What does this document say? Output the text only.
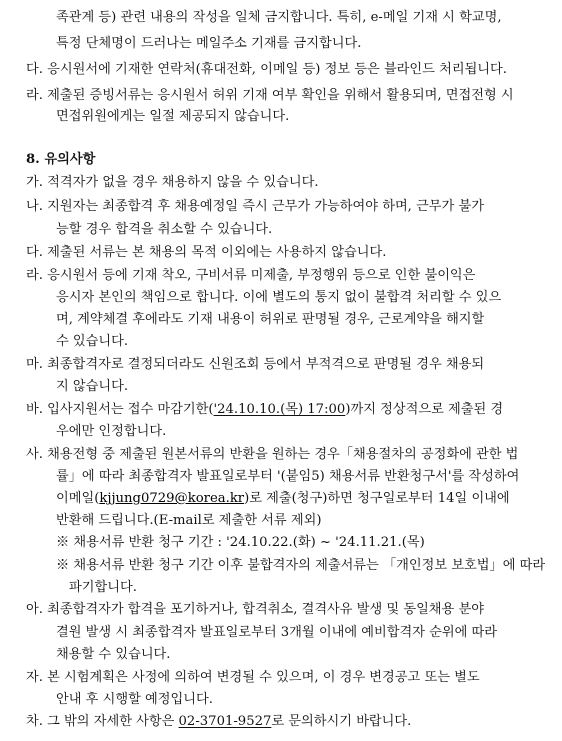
족관계 등) 관련 내용의 작성을 일체 금지합니다. 특히, e-메일 기재 시 학교명,
특정 단체명이 드러나는 메일주소 기재를 금지합니다.
다. 응시원서에 기재한 연락처(휴대전화, 이메일 등) 정보 등은 블라인드 처리됩니다.
라. 제출된 증빙서류는 응시원서 허위 기재 여부 확인을 위해서 활용되며, 면접전형 시
면접위원에게는 일절 제공되지 않습니다.
8. 유의사항
가. 적격자가 없을 경우 채용하지 않을 수 있습니다.
나. 지원자는 최종합격 후 채용예정일 즉시 근무가 가능하여야 하며, 근무가 불가
능할 경우 합격을 취소할 수 있습니다.
다. 제출된 서류는 본 채용의 목적 이외에는 사용하지 않습니다.
라. 응시원서 등에 기재 착오, 구비서류 미제출, 부정행위 등으로 인한 불이익은
응시자 본인의 책임으로 합니다. 이에 별도의 통지 없이 불합격 처리할 수 있으
며, 계약체결 후에라도 기재 내용이 허위로 판명될 경우, 근로계약을 해지할
수 있습니다.
마. 최종합격자로 결정되더라도 신원조회 등에서 부적격으로 판명될 경우 채용되
지 않습니다.
바. 입사지원서는 접수 마감기한('24.10.10.(목) 17:00)까지 정상적으로 제출된 경
우에만 인정합니다.
사. 채용전형 중 제출된 원본서류의 반환을 원하는 경우「채용절차의 공정화에 관한 법
률」에 따라 최종합격자 발표일로부터 '(붙임5) 채용서류 반환청구서'를 작성하여
이메일(kjjung0729@korea.kr)로 제출(청구)하면 청구일로부터 14일 이내에
반환해 드립니다.(E-mail로 제출한 서류 제외)
※ 채용서류 반환 청구 기간 : '24.10.22.(화) ~ '24.11.21.(목)
※ 채용서류 반환 청구 기간 이후 불합격자의 제출서류는 「개인정보 보호법」에 따라
파기합니다.
아. 최종합격자가 합격을 포기하거나, 합격취소, 결격사유 발생 및 동일채용 분야
결원 발생 시 최종합격자 발표일로부터 3개월 이내에 예비합격자 순위에 따라
채용할 수 있습니다.
자. 본 시험계획은 사정에 의하여 변경될 수 있으며, 이 경우 변경공고 또는 별도
안내 후 시행할 예정입니다.
차. 그 밖의 자세한 사항은 02-3701-9527로 문의하시기 바랍니다.
